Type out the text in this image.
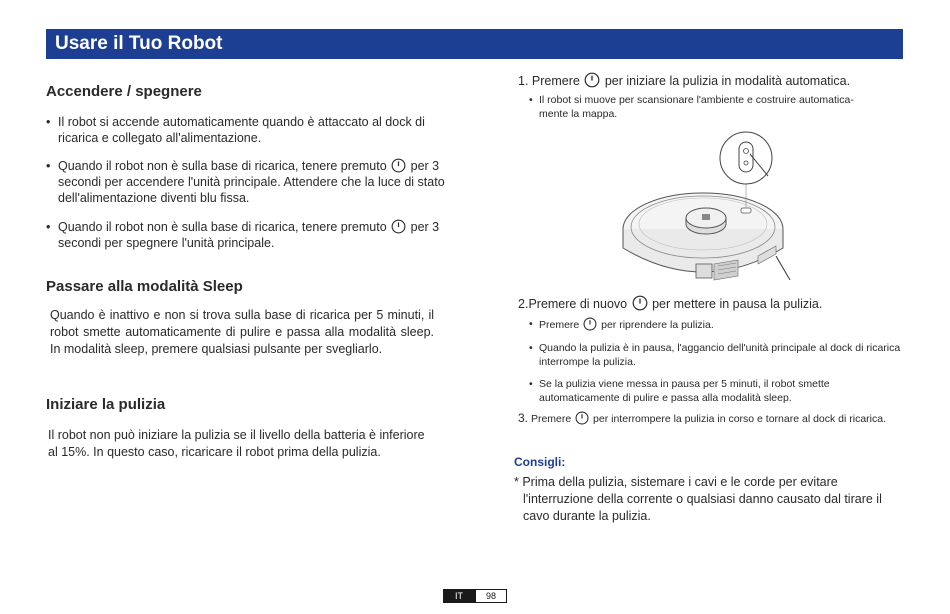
Usare il Tuo Robot
Accendere / spegnere
• Il robot si accende automaticamente quando è attaccato al dock di ricarica e collegato all'alimentazione.
• Quando il robot non è sulla base di ricarica, tenere premuto per 3 secondi per accendere l'unità principale. Attendere che la luce di stato dell'alimentazione diventi blu fissa.
• Quando il robot non è sulla base di ricarica, tenere premuto per 3 secondi per spegnere l'unità principale.
Passare alla modalità Sleep
Quando è inattivo e non si trova sulla base di ricarica per 5 minuti, il robot smette automaticamente di pulire e passa alla modalità sleep. In modalità sleep, premere qualsiasi pulsante per svegliarlo.
Iniziare la pulizia
Il robot non può iniziare la pulizia se il livello della batteria è inferiore al 15%. In questo caso, ricaricare il robot prima della pulizia.
1. Premere per iniziare la pulizia in modalità automatica.
• Il robot si muove per scansionare l'ambiente e costruire automatica-
mente la mappa.
2.Premere di nuovo per mettere in pausa la pulizia.
• Premere per riprendere la pulizia.
• Quando la pulizia è in pausa, l'aggancio dell'unità principale al dock di ricarica interrompe la pulizia.
• Se la pulizia viene messa in pausa per 5 minuti, il robot smette automaticamente di pulire e passa alla modalità sleep.
3. Premere per interrompere la pulizia in corso e tornare al dock di ricarica.
Consigli:
* Prima della pulizia, sistemare i cavi e le corde per evitare l'interruzione della corrente o qualsiasi danno causato dal tirare il cavo durante la pulizia.
IT	98
